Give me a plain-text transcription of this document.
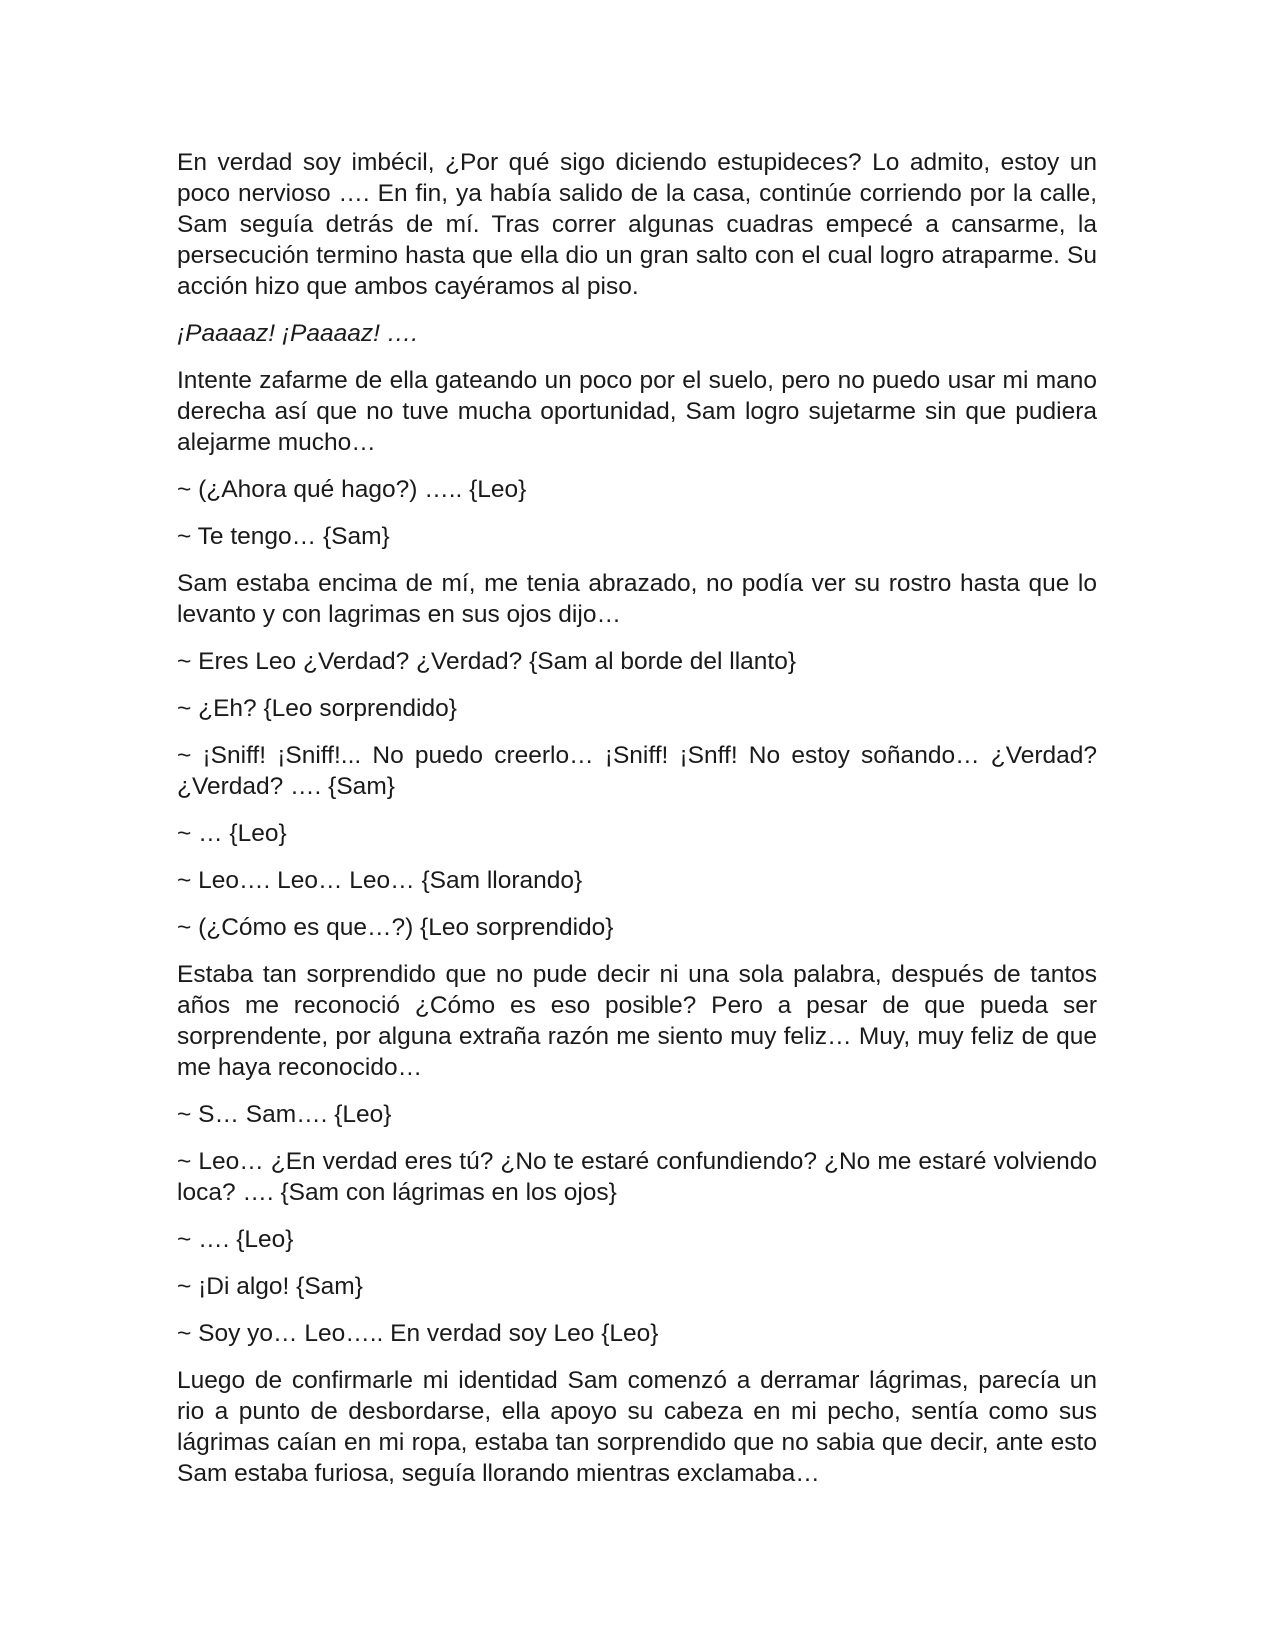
En verdad soy imbécil, ¿Por qué sigo diciendo estupideces? Lo admito, estoy un poco nervioso …. En fin, ya había salido de la casa, continúe corriendo por la calle, Sam seguía detrás de mí. Tras correr algunas cuadras empecé a cansarme, la persecución termino hasta que ella dio un gran salto con el cual logro atraparme. Su acción hizo que ambos cayéramos al piso.

¡Paaaaz! ¡Paaaaz! ….

Intente zafarme de ella gateando un poco por el suelo, pero no puedo usar mi mano derecha así que no tuve mucha oportunidad, Sam logro sujetarme sin que pudiera alejarme mucho…

~ (¿Ahora qué hago?) ….. {Leo}

~ Te tengo… {Sam}

Sam estaba encima de mí, me tenia abrazado, no podía ver su rostro hasta que lo levanto y con lagrimas en sus ojos dijo…

~ Eres Leo ¿Verdad? ¿Verdad? {Sam al borde del llanto}

~ ¿Eh? {Leo sorprendido}

~ ¡Sniff! ¡Sniff!... No puedo creerlo… ¡Sniff! ¡Snff! No estoy soñando… ¿Verdad? ¿Verdad? …. {Sam}

~ … {Leo}

~ Leo…. Leo… Leo… {Sam llorando}

~ (¿Cómo es que…?) {Leo sorprendido}

Estaba tan sorprendido que no pude decir ni una sola palabra, después de tantos años me reconoció ¿Cómo es eso posible? Pero a pesar de que pueda ser sorprendente, por alguna extraña razón me siento muy feliz… Muy, muy feliz de que me haya reconocido…

~ S… Sam…. {Leo}

~ Leo… ¿En verdad eres tú? ¿No te estaré confundiendo? ¿No me estaré volviendo loca? …. {Sam con lágrimas en los ojos}

~ …. {Leo}

~ ¡Di algo! {Sam}

~ Soy yo… Leo….. En verdad soy Leo {Leo}

Luego de confirmarle mi identidad Sam comenzó a derramar lágrimas, parecía un rio a punto de desbordarse, ella apoyo su cabeza en mi pecho, sentía como sus lágrimas caían en mi ropa, estaba tan sorprendido que no sabia que decir, ante esto Sam estaba furiosa, seguía llorando mientras exclamaba…
